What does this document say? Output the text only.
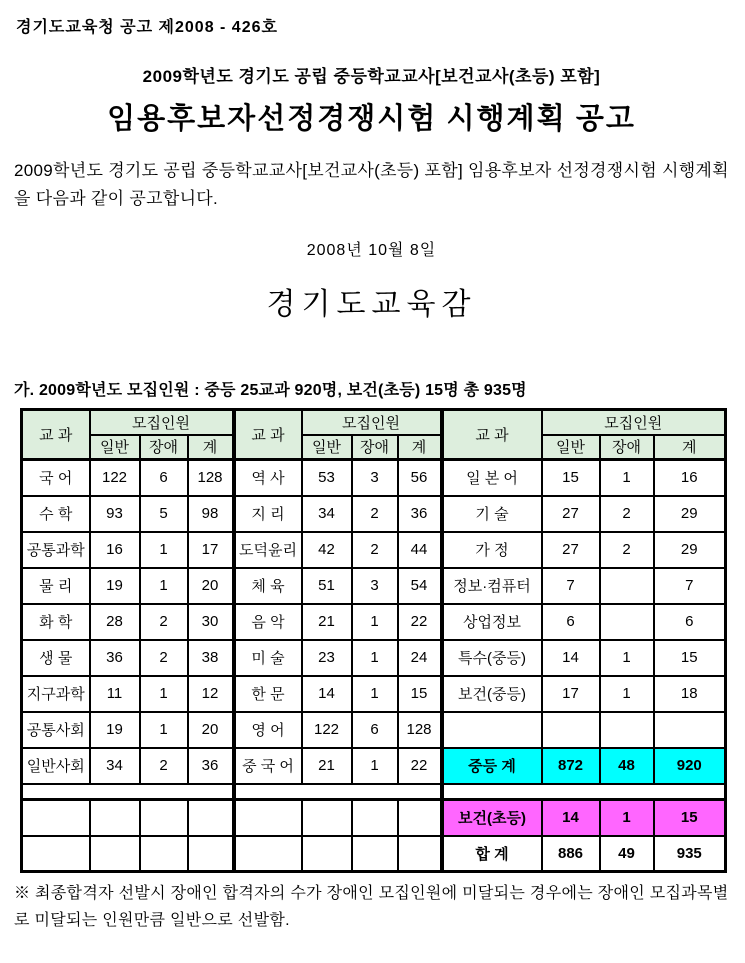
경기도교육청 공고 제2008 - 426호
2009학년도 경기도 공립 중등학교교사[보건교사(초등) 포함]
임용후보자선정경쟁시험 시행계획 공고
2009학년도 경기도 공립 중등학교교사[보건교사(초등) 포함] 임용후보자 선정경쟁시험 시행계획을 다음과 같이 공고합니다.
2008년 10월 8일
경기도교육감
가. 2009학년도 모집인원 : 중등 25교과 920명, 보건(초등) 15명 총 935명
교 과	모집인원			교 과	모집인원			교 과	모집인원		
	일반	장애	계		일반	장애	계		일반	장애	계
국 어	122	6	128	역 사	53	3	56	일 본 어	15	1	16
수 학	93	5	98	지 리	34	2	36	기 술	27	2	29
공통과학	16	1	17	도덕윤리	42	2	44	가 정	27	2	29
물 리	19	1	20	체 육	51	3	54	정보·컴퓨터	7		7
화 학	28	2	30	음 악	21	1	22	상업정보	6		6
생 물	36	2	38	미 술	23	1	24	특수(중등)	14	1	15
지구과학	11	1	12	한 문	14	1	15	보건(중등)	17	1	18
공통사회	19	1	20	영 어	122	6	128				
일반사회	34	2	36	중 국 어	21	1	22	중등 계	872	48	920

								보건(초등)	14	1	15
								합 계	886	49	935
※ 최종합격자 선발시 장애인 합격자의 수가 장애인 모집인원에 미달되는 경우에는 장애인 모집과목별로 미달되는 인원만큼 일반으로 선발함.
